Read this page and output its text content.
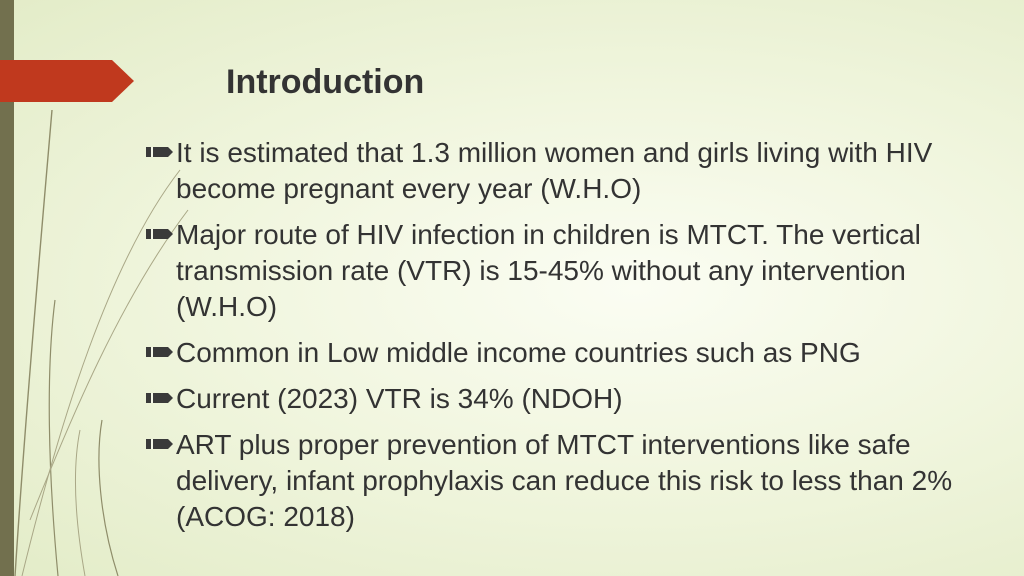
Introduction
It is estimated that 1.3 million women and girls living with HIV become pregnant every year (W.H.O)
Major route of HIV infection in children is MTCT. The vertical transmission rate (VTR) is 15-45% without any intervention (W.H.O)
Common in Low middle income countries such as PNG
Current (2023) VTR is 34% (NDOH)
ART plus proper prevention of MTCT interventions like safe delivery, infant prophylaxis can reduce this risk to less than 2% (ACOG: 2018)
